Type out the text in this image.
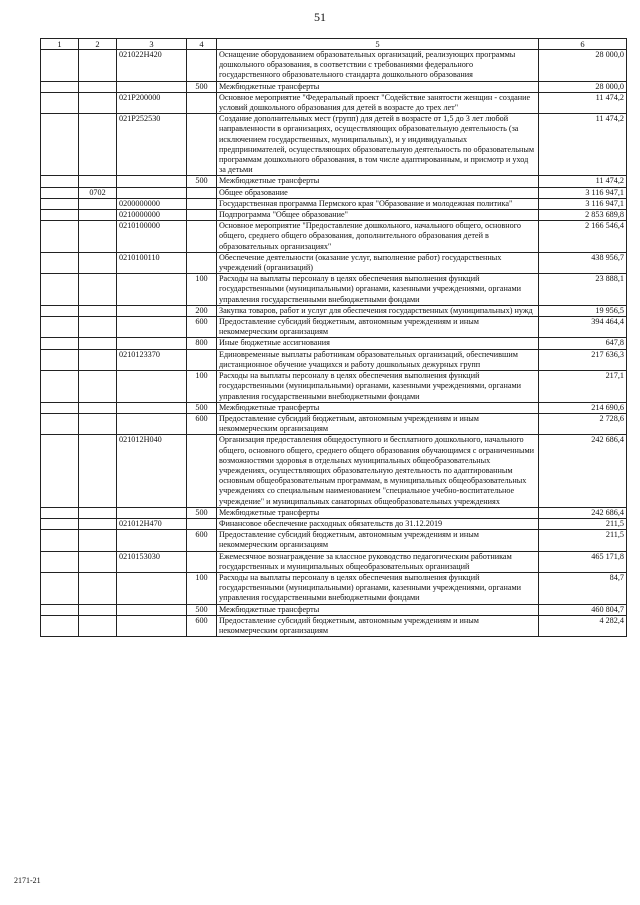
51
1	2	3	4	5	6
		021022Н420		Оснащение оборудованием образовательных организаций, реализующих программы дошкольного образования, в соответствии с требованиями федерального государственного образовательного стандарта дошкольного образования	28 000,0
			500	Межбюджетные трансферты	28 000,0
		021Р200000		Основное мероприятие "Федеральный проект "Содействие занятости женщин - создание условий дошкольного образования для детей в возрасте до трех лет"	11 474,2
		021Р252530		Создание дополнительных мест (групп) для детей в возрасте от 1,5 до 3 лет любой направленности в организациях, осуществляющих образовательную деятельность (за исключением государственных, муниципальных), и у индивидуальных предпринимателей, осуществляющих образовательную деятельность по образовательным программам дошкольного образования, в том числе адаптированным, и присмотр и уход за детьми	11 474,2
			500	Межбюджетные трансферты	11 474,2
	0702			Общее образование	3 116 947,1
		0200000000		Государственная программа Пермского края "Образование и молодежная политика"	3 116 947,1
		0210000000		Подпрограмма "Общее образование"	2 853 689,8
		0210100000		Основное мероприятие "Предоставление дошкольного, начального общего, основного общего, среднего общего образования, дополнительного образования детей в образовательных организациях"	2 166 546,4
		0210100110		Обеспечение деятельности (оказание услуг, выполнение работ) государственных учреждений (организаций)	438 956,7
			100	Расходы на выплаты персоналу в целях обеспечения выполнения функций государственными (муниципальными) органами, казенными учреждениями, органами управления государственными внебюджетными фондами	23 888,1
			200	Закупка товаров, работ и услуг для обеспечения государственных (муниципальных) нужд	19 956,5
			600	Предоставление субсидий бюджетным, автономным учреждениям и иным некоммерческим организациям	394 464,4
			800	Иные бюджетные ассигнования	647,8
		0210123370		Единовременные выплаты работникам образовательных организаций, обеспечившим дистанционное обучение учащихся и работу дошкольных дежурных групп	217 636,3
			100	Расходы на выплаты персоналу в целях обеспечения выполнения функций государственными (муниципальными) органами, казенными учреждениями, органами управления государственными внебюджетными фондами	217,1
			500	Межбюджетные трансферты	214 690,6
			600	Предоставление субсидий бюджетным, автономным учреждениям и иным некоммерческим организациям	2 728,6
		021012Н040		Организация предоставления общедоступного и бесплатного дошкольного, начального общего, основного общего, среднего общего образования обучающимся с ограниченными возможностями здоровья в отдельных муниципальных общеобразовательных учреждениях, осуществляющих образовательную деятельность по адаптированным основным общеобразовательным программам, в муниципальных общеобразовательных учреждениях со специальным наименованием "специальное учебно-воспитательное учреждение" и муниципальных санаторных общеобразовательных учреждениях	242 686,4
			500	Межбюджетные трансферты	242 686,4
		021012Н470		Финансовое обеспечение расходных обязательств до 31.12.2019	211,5
			600	Предоставление субсидий бюджетным, автономным учреждениям и иным некоммерческим организациям	211,5
		0210153030		Ежемесячное вознаграждение за классное руководство педагогическим работникам государственных и муниципальных общеобразовательных организаций	465 171,8
			100	Расходы на выплаты персоналу в целях обеспечения выполнения функций государственными (муниципальными) органами, казенными учреждениями, органами управления государственными внебюджетными фондами	84,7
			500	Межбюджетные трансферты	460 804,7
			600	Предоставление субсидий бюджетным, автономным учреждениям и иным некоммерческим организациям	4 282,4
2171-21
